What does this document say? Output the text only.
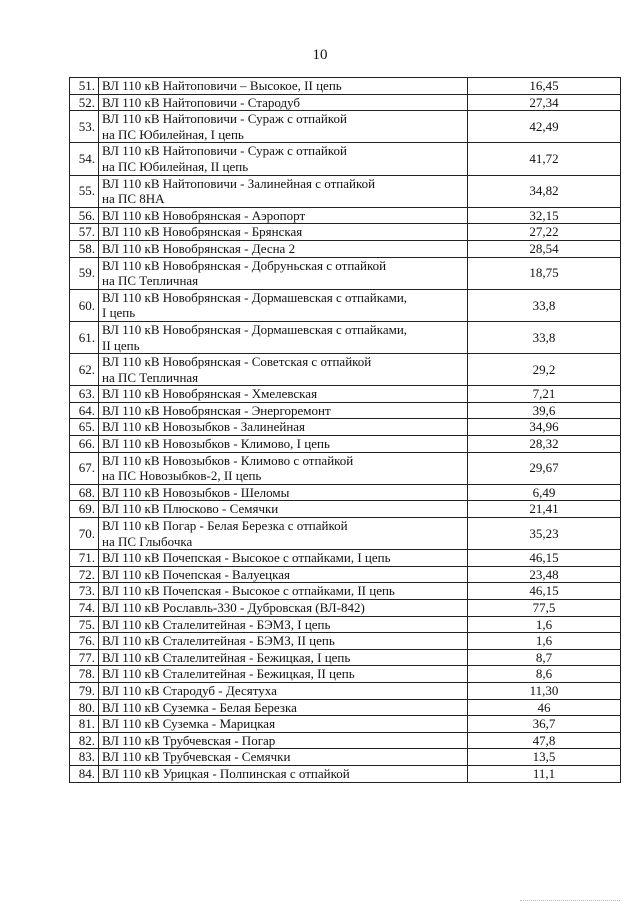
10
51.	ВЛ 110 кВ Найтоповичи – Высокое, II цепь	16,45
52.	ВЛ 110 кВ Найтоповичи - Стародуб	27,34
53.	ВЛ 110 кВ Найтоповичи - Сураж с отпайкой
на ПС Юбилейная, I цепь	42,49
54.	ВЛ 110 кВ Найтоповичи - Сураж с отпайкой
на ПС Юбилейная, II цепь	41,72
55.	ВЛ 110 кВ Найтоповичи - Залинейная с отпайкой
на ПС 8НА	34,82
56.	ВЛ 110 кВ Новобрянская - Аэропорт	32,15
57.	ВЛ 110 кВ Новобрянская - Брянская	27,22
58.	ВЛ 110 кВ Новобрянская - Десна 2	28,54
59.	ВЛ 110 кВ Новобрянская - Добруньская с отпайкой
на ПС Тепличная	18,75
60.	ВЛ 110 кВ Новобрянская - Дормашевская с отпайками,
I цепь	33,8
61.	ВЛ 110 кВ Новобрянская - Дормашевская с отпайками,
II цепь	33,8
62.	ВЛ 110 кВ Новобрянская - Советская с отпайкой
на ПС Тепличная	29,2
63.	ВЛ 110 кВ Новобрянская - Хмелевская	7,21
64.	ВЛ 110 кВ Новобрянская - Энергоремонт	39,6
65.	ВЛ 110 кВ Новозыбков - Залинейная	34,96
66.	ВЛ 110 кВ Новозыбков - Климово, I цепь	28,32
67.	ВЛ 110 кВ Новозыбков - Климово с отпайкой
на ПС Новозыбков-2, II цепь	29,67
68.	ВЛ 110 кВ Новозыбков - Шеломы	6,49
69.	ВЛ 110 кВ Плюсково - Семячки	21,41
70.	ВЛ 110 кВ Погар - Белая Березка с отпайкой
на ПС Глыбочка	35,23
71.	ВЛ 110 кВ Почепская - Высокое с отпайками, I цепь	46,15
72.	ВЛ 110 кВ Почепская - Валуецкая	23,48
73.	ВЛ 110 кВ Почепская - Высокое с отпайками, II цепь	46,15
74.	ВЛ 110 кВ Рославль-330 - Дубровская (ВЛ-842)	77,5
75.	ВЛ 110 кВ Сталелитейная - БЭМЗ, I цепь	1,6
76.	ВЛ 110 кВ Сталелитейная - БЭМЗ, II цепь	1,6
77.	ВЛ 110 кВ Сталелитейная - Бежицкая, I цепь	8,7
78.	ВЛ 110 кВ Сталелитейная - Бежицкая, II цепь	8,6
79.	ВЛ 110 кВ Стародуб - Десятуха	11,30
80.	ВЛ 110 кВ Суземка - Белая Березка	46
81.	ВЛ 110 кВ Суземка - Марицкая	36,7
82.	ВЛ 110 кВ Трубчевская - Погар	47,8
83.	ВЛ 110 кВ Трубчевская - Семячки	13,5
84.	ВЛ 110 кВ Урицкая - Полпинская с отпайкой	11,1
